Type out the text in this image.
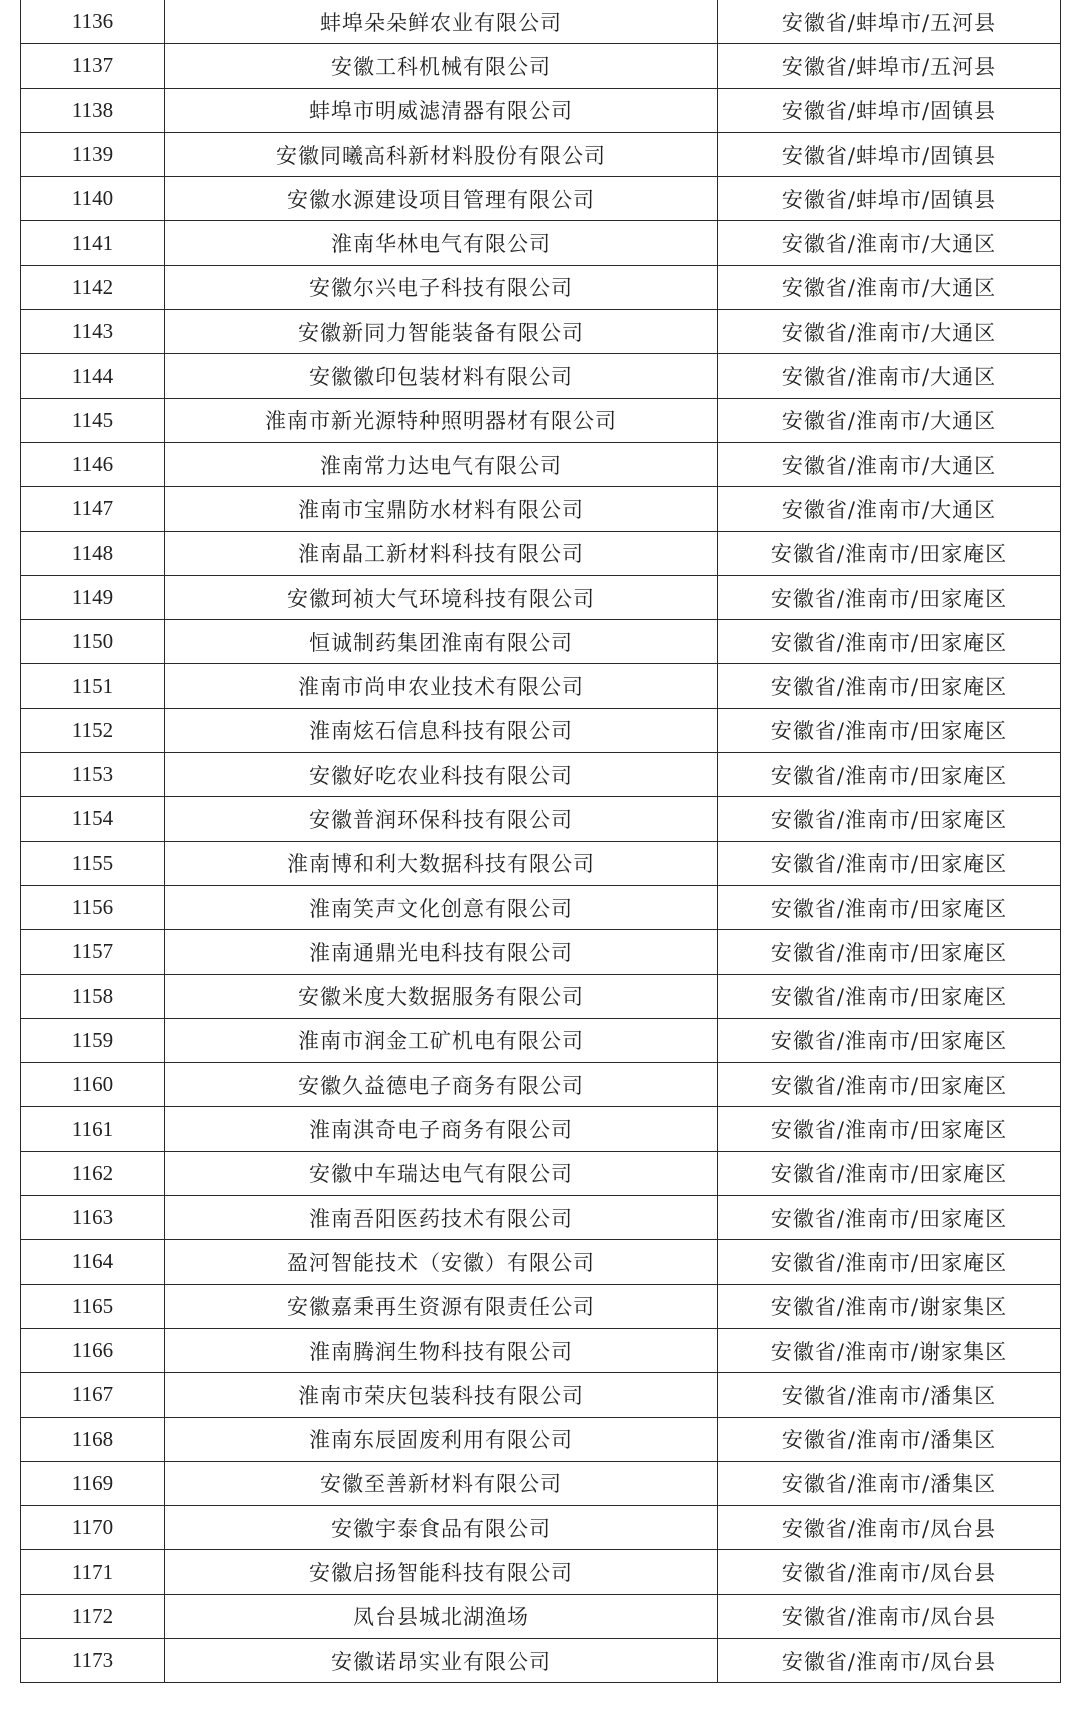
1136	蚌埠朵朵鲜农业有限公司	安徽省/蚌埠市/五河县
1137	安徽工科机械有限公司	安徽省/蚌埠市/五河县
1138	蚌埠市明威滤清器有限公司	安徽省/蚌埠市/固镇县
1139	安徽同曦高科新材料股份有限公司	安徽省/蚌埠市/固镇县
1140	安徽水源建设项目管理有限公司	安徽省/蚌埠市/固镇县
1141	淮南华林电气有限公司	安徽省/淮南市/大通区
1142	安徽尔兴电子科技有限公司	安徽省/淮南市/大通区
1143	安徽新同力智能装备有限公司	安徽省/淮南市/大通区
1144	安徽徽印包装材料有限公司	安徽省/淮南市/大通区
1145	淮南市新光源特种照明器材有限公司	安徽省/淮南市/大通区
1146	淮南常力达电气有限公司	安徽省/淮南市/大通区
1147	淮南市宝鼎防水材料有限公司	安徽省/淮南市/大通区
1148	淮南晶工新材料科技有限公司	安徽省/淮南市/田家庵区
1149	安徽珂祯大气环境科技有限公司	安徽省/淮南市/田家庵区
1150	恒诚制药集团淮南有限公司	安徽省/淮南市/田家庵区
1151	淮南市尚申农业技术有限公司	安徽省/淮南市/田家庵区
1152	淮南炫石信息科技有限公司	安徽省/淮南市/田家庵区
1153	安徽好吃农业科技有限公司	安徽省/淮南市/田家庵区
1154	安徽普润环保科技有限公司	安徽省/淮南市/田家庵区
1155	淮南博和利大数据科技有限公司	安徽省/淮南市/田家庵区
1156	淮南笑声文化创意有限公司	安徽省/淮南市/田家庵区
1157	淮南通鼎光电科技有限公司	安徽省/淮南市/田家庵区
1158	安徽米度大数据服务有限公司	安徽省/淮南市/田家庵区
1159	淮南市润金工矿机电有限公司	安徽省/淮南市/田家庵区
1160	安徽久益德电子商务有限公司	安徽省/淮南市/田家庵区
1161	淮南淇奇电子商务有限公司	安徽省/淮南市/田家庵区
1162	安徽中车瑞达电气有限公司	安徽省/淮南市/田家庵区
1163	淮南吾阳医药技术有限公司	安徽省/淮南市/田家庵区
1164	盈河智能技术（安徽）有限公司	安徽省/淮南市/田家庵区
1165	安徽嘉秉再生资源有限责任公司	安徽省/淮南市/谢家集区
1166	淮南腾润生物科技有限公司	安徽省/淮南市/谢家集区
1167	淮南市荣庆包装科技有限公司	安徽省/淮南市/潘集区
1168	淮南东辰固废利用有限公司	安徽省/淮南市/潘集区
1169	安徽至善新材料有限公司	安徽省/淮南市/潘集区
1170	安徽宇泰食品有限公司	安徽省/淮南市/凤台县
1171	安徽启扬智能科技有限公司	安徽省/淮南市/凤台县
1172	凤台县城北湖渔场	安徽省/淮南市/凤台县
1173	安徽诺昂实业有限公司	安徽省/淮南市/凤台县
